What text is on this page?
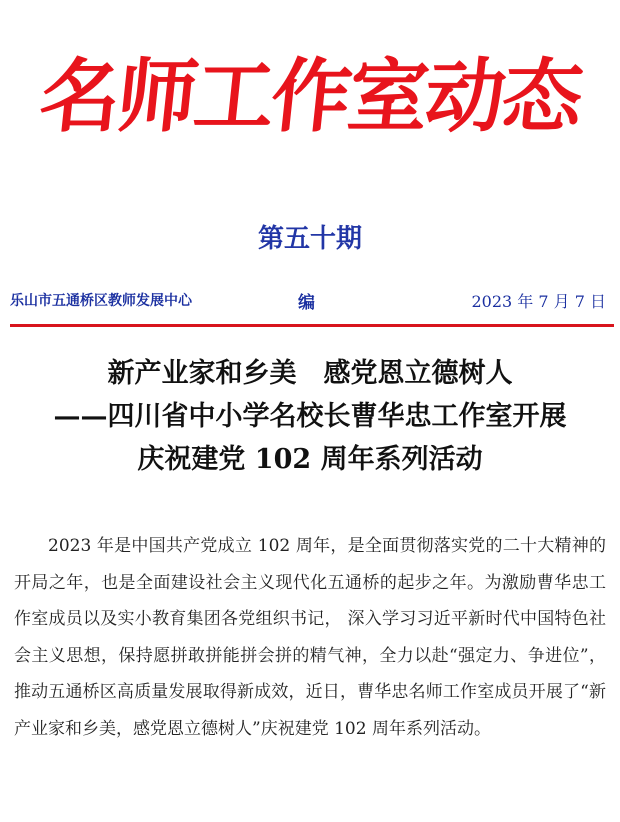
名师工作室动态
第五十期
乐山市五通桥区教师发展中心	编	2023 年 7 月 7 日
新产业家和乡美　感党恩立德树人
——四川省中小学名校长曹华忠工作室开展
庆祝建党 102 周年系列活动
2023 年是中国共产党成立 102 周年，是全面贯彻落实党的二十大精神的开局之年，也是全面建设社会主义现代化五通桥的起步之年。为激励曹华忠工作室成员以及实小教育集团各党组织书记， 深入学习习近平新时代中国特色社会主义思想，保持愿拼敢拼能拼会拼的精气神，全力以赴“强定力、争进位”，推动五通桥区高质量发展取得新成效，近日，曹华忠名师工作室成员开展了“新产业家和乡美，感党恩立德树人”庆祝建党 102 周年系列活动。
